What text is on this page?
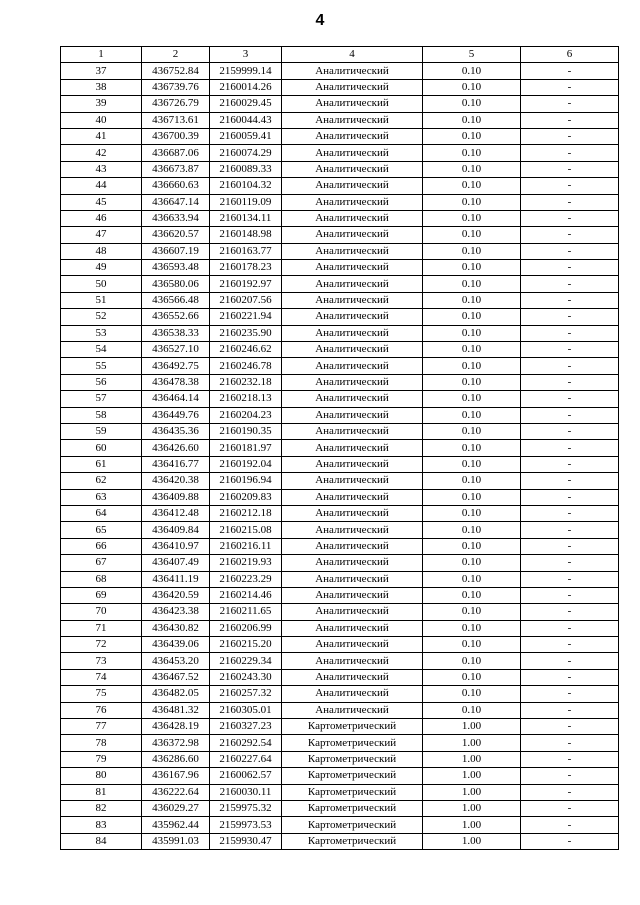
4
1	2	3	4	5	6
37	436752.84	2159999.14	Аналитический	0.10	-
38	436739.76	2160014.26	Аналитический	0.10	-
39	436726.79	2160029.45	Аналитический	0.10	-
40	436713.61	2160044.43	Аналитический	0.10	-
41	436700.39	2160059.41	Аналитический	0.10	-
42	436687.06	2160074.29	Аналитический	0.10	-
43	436673.87	2160089.33	Аналитический	0.10	-
44	436660.63	2160104.32	Аналитический	0.10	-
45	436647.14	2160119.09	Аналитический	0.10	-
46	436633.94	2160134.11	Аналитический	0.10	-
47	436620.57	2160148.98	Аналитический	0.10	-
48	436607.19	2160163.77	Аналитический	0.10	-
49	436593.48	2160178.23	Аналитический	0.10	-
50	436580.06	2160192.97	Аналитический	0.10	-
51	436566.48	2160207.56	Аналитический	0.10	-
52	436552.66	2160221.94	Аналитический	0.10	-
53	436538.33	2160235.90	Аналитический	0.10	-
54	436527.10	2160246.62	Аналитический	0.10	-
55	436492.75	2160246.78	Аналитический	0.10	-
56	436478.38	2160232.18	Аналитический	0.10	-
57	436464.14	2160218.13	Аналитический	0.10	-
58	436449.76	2160204.23	Аналитический	0.10	-
59	436435.36	2160190.35	Аналитический	0.10	-
60	436426.60	2160181.97	Аналитический	0.10	-
61	436416.77	2160192.04	Аналитический	0.10	-
62	436420.38	2160196.94	Аналитический	0.10	-
63	436409.88	2160209.83	Аналитический	0.10	-
64	436412.48	2160212.18	Аналитический	0.10	-
65	436409.84	2160215.08	Аналитический	0.10	-
66	436410.97	2160216.11	Аналитический	0.10	-
67	436407.49	2160219.93	Аналитический	0.10	-
68	436411.19	2160223.29	Аналитический	0.10	-
69	436420.59	2160214.46	Аналитический	0.10	-
70	436423.38	2160211.65	Аналитический	0.10	-
71	436430.82	2160206.99	Аналитический	0.10	-
72	436439.06	2160215.20	Аналитический	0.10	-
73	436453.20	2160229.34	Аналитический	0.10	-
74	436467.52	2160243.30	Аналитический	0.10	-
75	436482.05	2160257.32	Аналитический	0.10	-
76	436481.32	2160305.01	Аналитический	0.10	-
77	436428.19	2160327.23	Картометрический	1.00	-
78	436372.98	2160292.54	Картометрический	1.00	-
79	436286.60	2160227.64	Картометрический	1.00	-
80	436167.96	2160062.57	Картометрический	1.00	-
81	436222.64	2160030.11	Картометрический	1.00	-
82	436029.27	2159975.32	Картометрический	1.00	-
83	435962.44	2159973.53	Картометрический	1.00	-
84	435991.03	2159930.47	Картометрический	1.00	-
